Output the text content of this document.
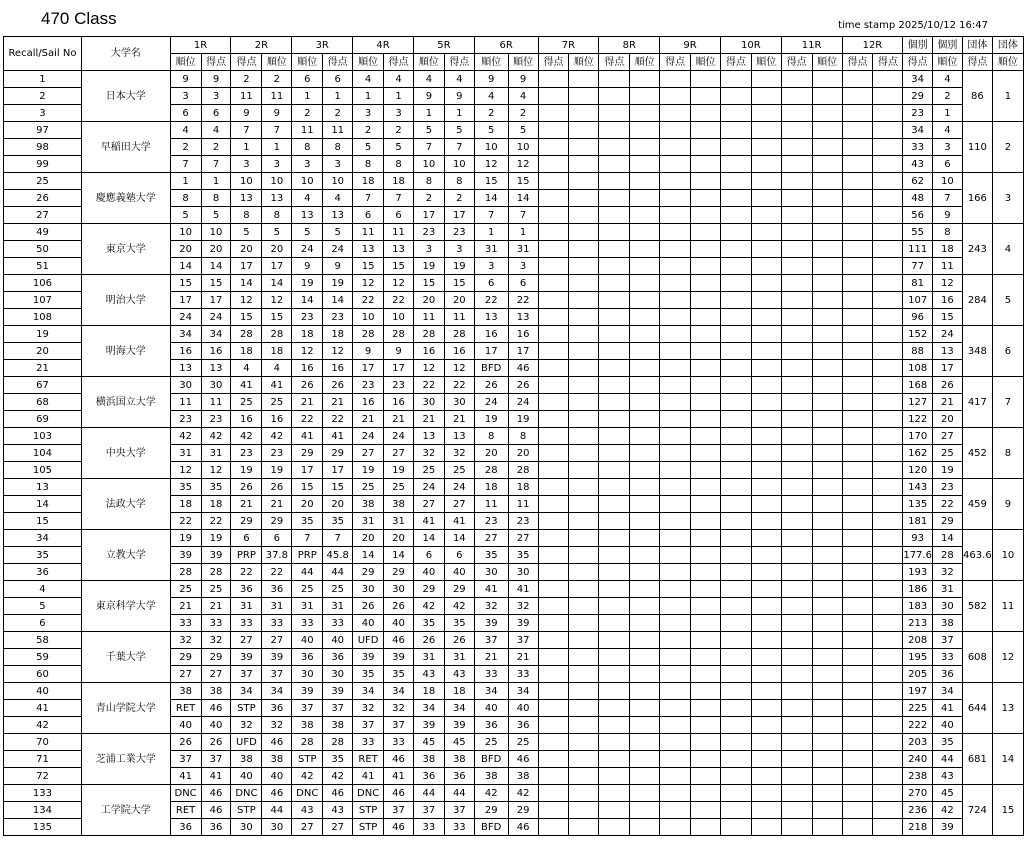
470 Class	time stamp 2025/10/12 16:47
Recall/Sail No	大学名	1R		2R		3R		4R		5R		6R		7R		8R		9R		10R		11R		12R		個別	個別	団体	団体
		順位	得点	得点	順位	順位	得点	順位	得点	順位	得点	順位	順位	得点	順位	得点	順位	得点	順位	得点	順位	得点	順位	得点	得点	得点	順位	得点	順位
1	日本大学	9	9	2	2	6	6	4	4	4	4	9	9													34	4	86	1
2		3	3	11	11	1	1	1	1	9	9	4	4													29	2		
3		6	6	9	9	2	2	3	3	1	1	2	2													23	1		
97	早稲田大学	4	4	7	7	11	11	2	2	5	5	5	5													34	4	110	2
98		2	2	1	1	8	8	5	5	7	7	10	10													33	3		
99		7	7	3	3	3	3	8	8	10	10	12	12													43	6		
25	慶應義塾大学	1	1	10	10	10	10	18	18	8	8	15	15													62	10	166	3
26		8	8	13	13	4	4	7	7	2	2	14	14													48	7		
27		5	5	8	8	13	13	6	6	17	17	7	7													56	9		
49	東京大学	10	10	5	5	5	5	11	11	23	23	1	1													55	8	243	4
50		20	20	20	20	24	24	13	13	3	3	31	31													111	18		
51		14	14	17	17	9	9	15	15	19	19	3	3													77	11		
106	明治大学	15	15	14	14	19	19	12	12	15	15	6	6													81	12	284	5
107		17	17	12	12	14	14	22	22	20	20	22	22													107	16		
108		24	24	15	15	23	23	10	10	11	11	13	13													96	15		
19	明海大学	34	34	28	28	18	18	28	28	28	28	16	16													152	24	348	6
20		16	16	18	18	12	12	9	9	16	16	17	17													88	13		
21		13	13	4	4	16	16	17	17	12	12	BFD	46													108	17		
67	横浜国立大学	30	30	41	41	26	26	23	23	22	22	26	26													168	26	417	7
68		11	11	25	25	21	21	16	16	30	30	24	24													127	21		
69		23	23	16	16	22	22	21	21	21	21	19	19													122	20		
103	中央大学	42	42	42	42	41	41	24	24	13	13	8	8													170	27	452	8
104		31	31	23	23	29	29	27	27	32	32	20	20													162	25		
105		12	12	19	19	17	17	19	19	25	25	28	28													120	19		
13	法政大学	35	35	26	26	15	15	25	25	24	24	18	18													143	23	459	9
14		18	18	21	21	20	20	38	38	27	27	11	11													135	22		
15		22	22	29	29	35	35	31	31	41	41	23	23													181	29		
34	立教大学	19	19	6	6	7	7	20	20	14	14	27	27													93	14	463.6	10
35		39	39	PRP	37.8	PRP	45.8	14	14	6	6	35	35													177.6	28		
36		28	28	22	22	44	44	29	29	40	40	30	30													193	32		
4	東京科学大学	25	25	36	36	25	25	30	30	29	29	41	41													186	31	582	11
5		21	21	31	31	31	31	26	26	42	42	32	32													183	30		
6		33	33	33	33	33	33	40	40	35	35	39	39													213	38		
58	千葉大学	32	32	27	27	40	40	UFD	46	26	26	37	37													208	37	608	12
59		29	29	39	39	36	36	39	39	31	31	21	21													195	33		
60		27	27	37	37	30	30	35	35	43	43	33	33													205	36		
40	青山学院大学	38	38	34	34	39	39	34	34	18	18	34	34													197	34	644	13
41		RET	46	STP	36	37	37	32	32	34	34	40	40													225	41		
42		40	40	32	32	38	38	37	37	39	39	36	36													222	40		
70	芝浦工業大学	26	26	UFD	46	28	28	33	33	45	45	25	25													203	35	681	14
71		37	37	38	38	STP	35	RET	46	38	38	BFD	46													240	44		
72		41	41	40	40	42	42	41	41	36	36	38	38													238	43		
133	工学院大学	DNC	46	DNC	46	DNC	46	DNC	46	44	44	42	42													270	45	724	15
134		RET	46	STP	44	43	43	STP	37	37	37	29	29													236	42		
135		36	36	30	30	27	27	STP	46	33	33	BFD	46													218	39		
